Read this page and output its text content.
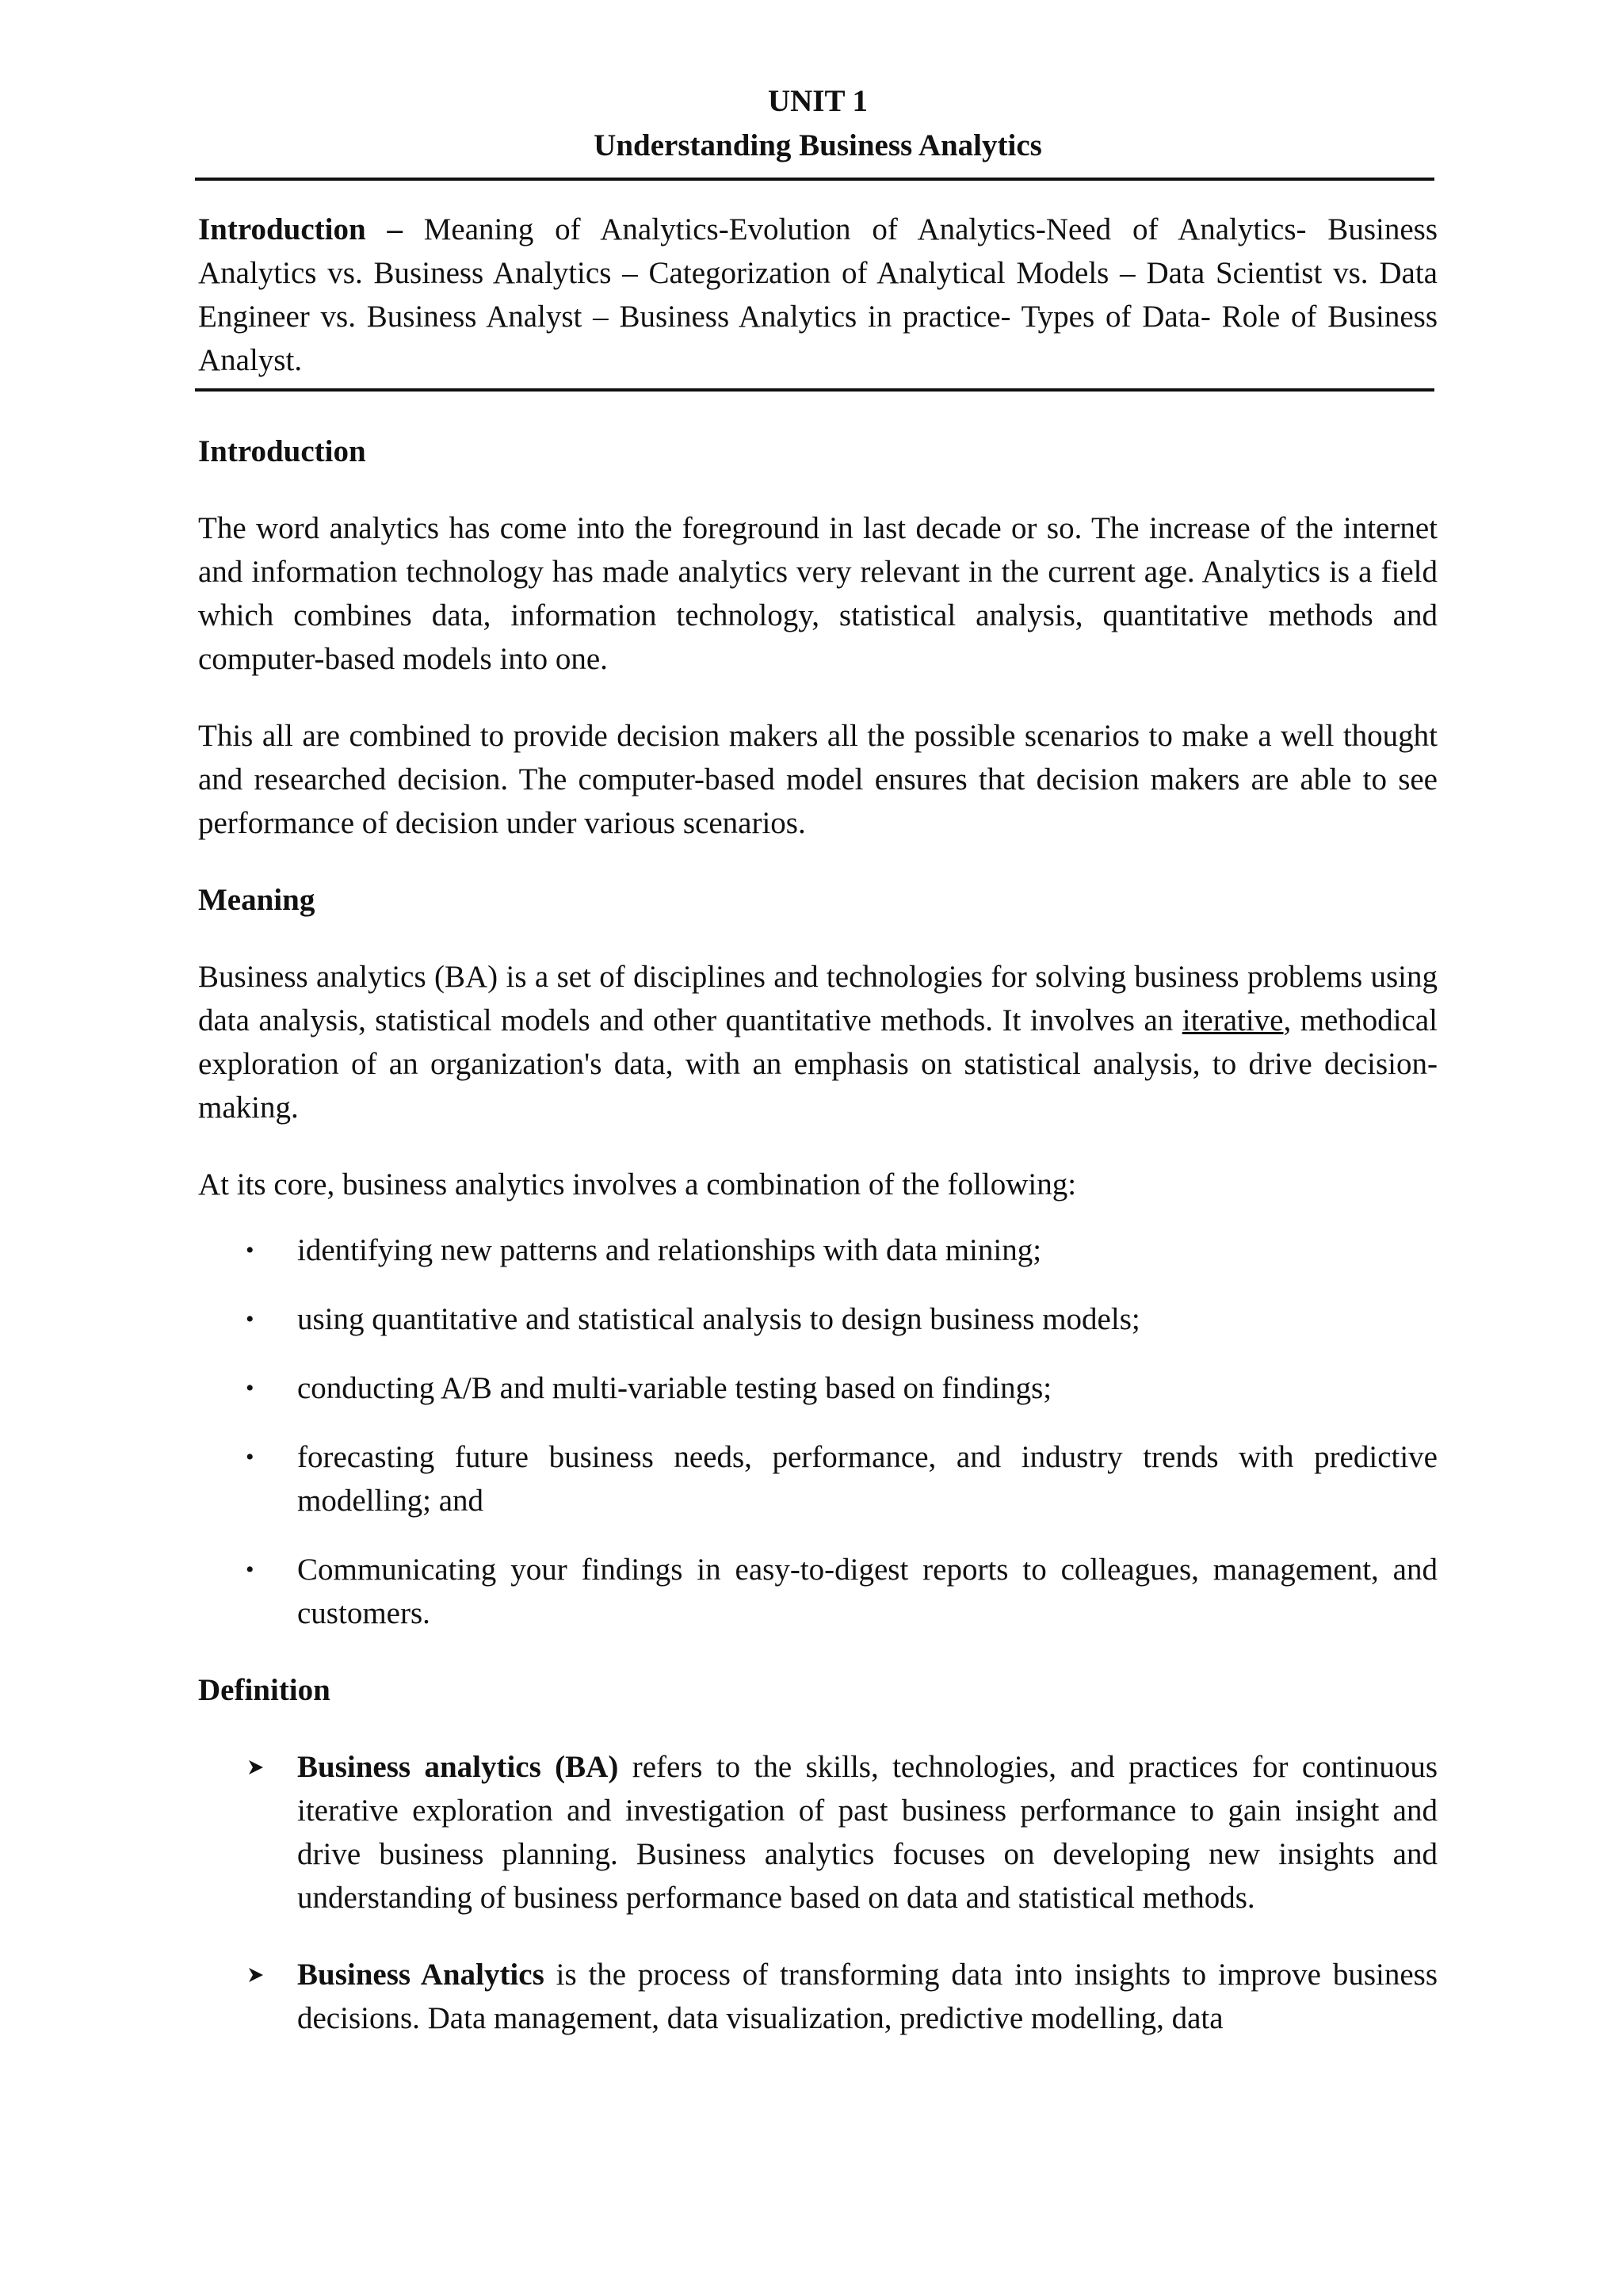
UNIT 1
Understanding Business Analytics
Introduction – Meaning of Analytics-Evolution of Analytics-Need of Analytics- Business Analytics vs. Business Analytics – Categorization of Analytical Models – Data Scientist vs. Data Engineer vs. Business Analyst – Business Analytics in practice- Types of Data- Role of Business Analyst.
Introduction

The word analytics has come into the foreground in last decade or so. The increase of the internet and information technology has made analytics very relevant in the current age. Analytics is a field which combines data, information technology, statistical analysis, quantitative methods and computer-based models into one.

This all are combined to provide decision makers all the possible scenarios to make a well thought and researched decision. The computer-based model ensures that decision makers are able to see performance of decision under various scenarios.

Meaning

Business analytics (BA) is a set of disciplines and technologies for solving business problems using data analysis, statistical models and other quantitative methods. It involves an iterative, methodical exploration of an organization's data, with an emphasis on statistical analysis, to drive decision-making.

At its core, business analytics involves a combination of the following:

• identifying new patterns and relationships with data mining;
• using quantitative and statistical analysis to design business models;
• conducting A/B and multi-variable testing based on findings;
• forecasting future business needs, performance, and industry trends with predictive modelling; and
• Communicating your findings in easy-to-digest reports to colleagues, management, and customers.
Definition
Business analytics (BA) refers to the skills, technologies, and practices for continuous iterative exploration and investigation of past business performance to gain insight and drive business planning. Business analytics focuses on developing new insights and understanding of business performance based on data and statistical methods.
Business Analytics is the process of transforming data into insights to improve business decisions. Data management, data visualization, predictive modelling, data
